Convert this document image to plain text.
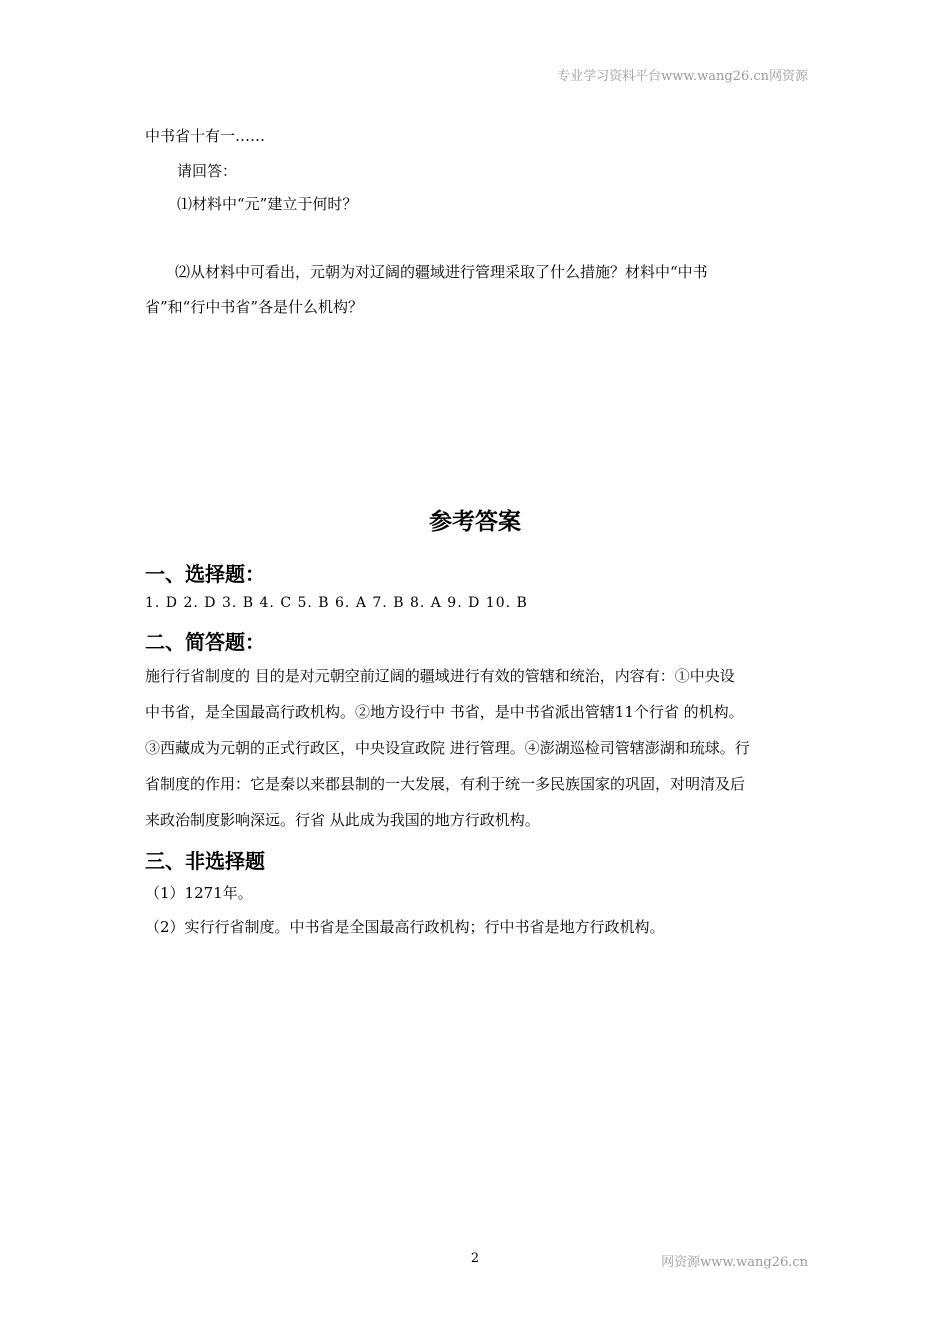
专业学习资料平台www.wang26.cn网资源
中书省十有一……
请回答：
⑴材料中“元”建立于何时？
⑵从材料中可看出，元朝为对辽阔的疆域进行管理采取了什么措施？材料中“中书
省”和“行中书省”各是什么机构？
参考答案
一、选择题：
1. D 2. D 3. B 4. C 5. B 6. A 7. B 8. A 9. D 10. B
二、简答题：
施行行省制度的 目的是对元朝空前辽阔的疆域进行有效的管辖和统治，内容有：①中央设
中书省，是全国最高行政机构。②地方设行中 书省，是中书省派出管辖11个行省 的机构。
③西藏成为元朝的正式行政区，中央设宣政院 进行管理。④澎湖巡检司管辖澎湖和琉球。行
省制度的作用：它是秦以来郡县制的一大发展，有利于统一多民族国家的巩固，对明清及后
来政治制度影响深远。行省 从此成为我国的地方行政机构。
三、非选择题
（1）1271年。
（2）实行行省制度。中书省是全国最高行政机构；行中书省是地方行政机构。
2	网资源www.wang26.cn
